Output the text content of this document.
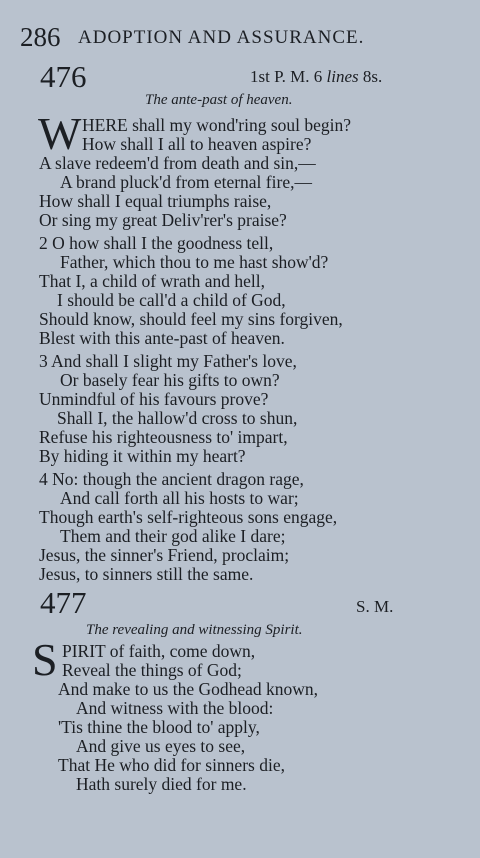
286 ADOPTION AND ASSURANCE.
476	1st P. M. 6 lines 8s.
The ante-past of heaven.
W HERE shall my wond'ring soul begin?
How shall I all to heaven aspire?
A slave redeem'd from death and sin,—
A brand pluck'd from eternal fire,—
How shall I equal triumphs raise,
Or sing my great Deliv'rer's praise?
2 O how shall I the goodness tell,
Father, which thou to me hast show'd?
That I, a child of wrath and hell,
I should be call'd a child of God,
Should know, should feel my sins forgiven,
Blest with this ante-past of heaven.
3 And shall I slight my Father's love,
Or basely fear his gifts to own?
Unmindful of his favours prove?
Shall I, the hallow'd cross to shun,
Refuse his righteousness to' impart,
By hiding it within my heart?
4 No: though the ancient dragon rage,
And call forth all his hosts to war;
Though earth's self-righteous sons engage,
Them and their god alike I dare;
Jesus, the sinner's Friend, proclaim;
Jesus, to sinners still the same.
477	S. M.
The revealing and witnessing Spirit.
S PIRIT of faith, come down,
Reveal the things of God;
And make to us the Godhead known,
And witness with the blood:
'Tis thine the blood to' apply,
And give us eyes to see,
That He who did for sinners die,
Hath surely died for me.
